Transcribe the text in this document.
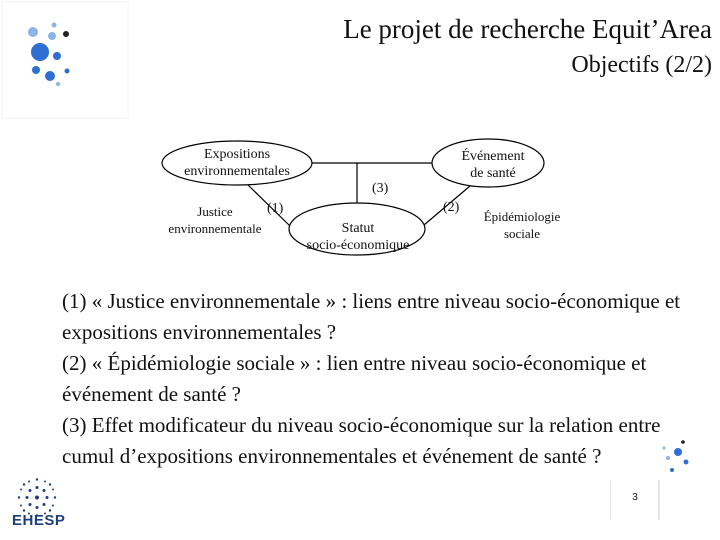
Le projet de recherche Equit’Area
Objectifs (2/2)
Expositions
environnementales
Événement
de santé
Statut
socio-économique
Justice
environnementale
Épidémiologie
sociale
(1)	(2)
(3)

(1) « Justice environnementale » : liens entre niveau socio-économique et expositions environnementales ?

(2) « Épidémiologie sociale » : lien entre niveau socio-économique et événement de santé ?

(3) Effet modificateur du niveau socio-économique sur la relation entre cumul d’expositions environnementales et événement de santé ?

3
EHESP
